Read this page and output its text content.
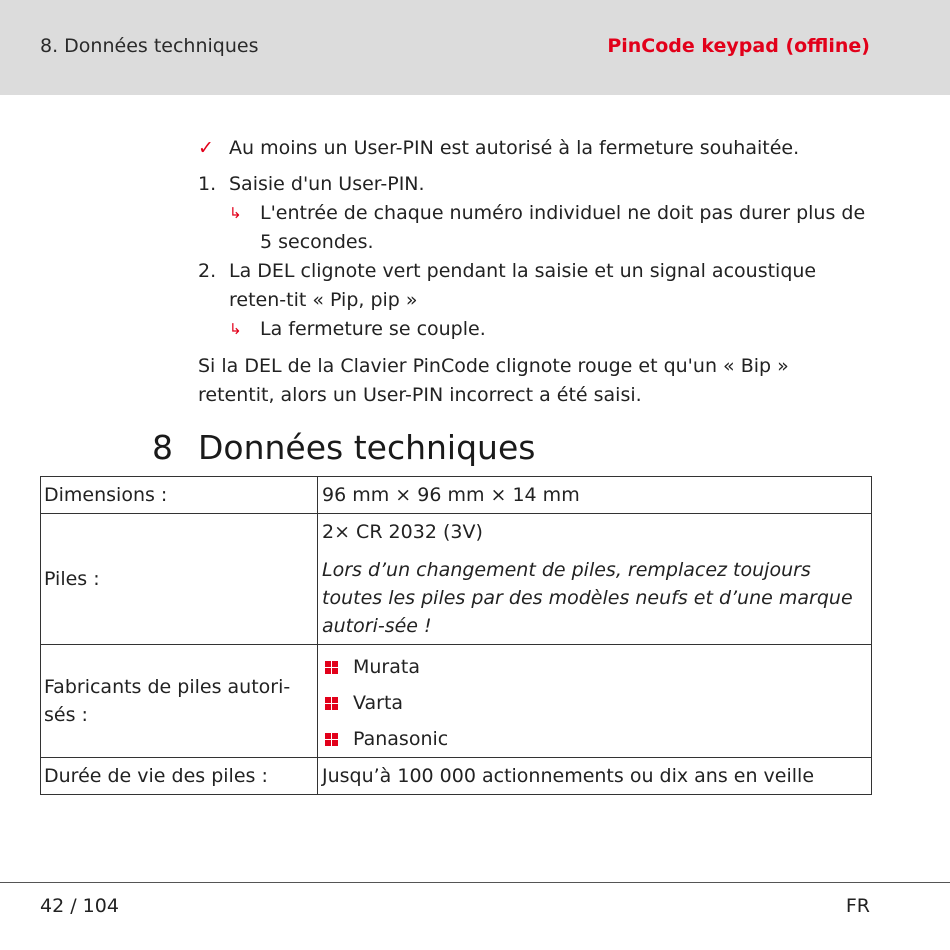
8. Données techniques	PinCode keypad (offline)
✓ Au moins un User-PIN est autorisé à la fermeture souhaitée.
1. Saisie d'un User-PIN.
↳ L'entrée de chaque numéro individuel ne doit pas durer plus de 5 secondes.
2. La DEL clignote vert pendant la saisie et un signal acoustique reten-tit « Pip, pip »
↳ La fermeture se couple.
Si la DEL de la Clavier PinCode clignote rouge et qu'un « Bip » retentit, alors un User-PIN incorrect a été saisi.
8 Données techniques
Dimensions :	96 mm × 96 mm × 14 mm
Piles :	2× CR 2032 (3V)
Lors d’un changement de piles, remplacez toujours toutes les piles par des modèles neufs et d’une marque autori-sée !

Fabricants de piles autori-sés :	Murata
Varta
Panasonic

Durée de vie des piles :	Jusqu’à 100 000 actionnements ou dix ans en veille
42 / 104	FR
